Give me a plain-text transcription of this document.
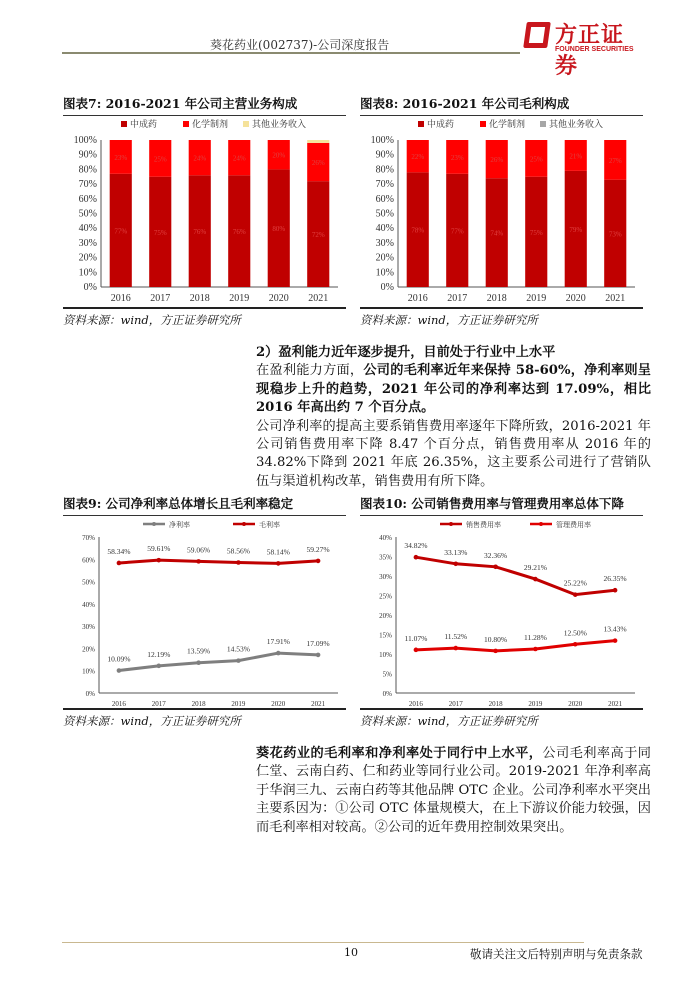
葵花药业(002737)-公司深度报告	方正证券
FOUNDER SECURITIES
图表7: 2016-2021 年公司主营业务构成
0%
10%
20%
30%
40%
50%
60%
70%
80%
90%
100%
2016 2017 2018 2019 2020 2021
中成药	化学制剂	其他业务收入
77%
23%
75%
25%
76%
24%
76%
24%
80%
20%
72%
26%
资料来源：wind，方正证券研究所
图表8: 2016-2021 年公司毛利构成
0%
10%
20%
30%
40%
50%
60%
70%
80%
90%
100%
2016 2017 2018 2019 2020 2021
中成药	化学制剂	其他业务收入
78%
22%
77%
23%
74%
26%
75%
25%
79%
21%
73%
27%
资料来源：wind，方正证券研究所
2）盈利能力近年逐步提升，目前处于行业中上水平
在盈利能力方面，公司的毛利率近年来保持 58-60%，净利率则呈现稳步上升的趋势，2021 年公司的净利率达到 17.09%，相比 2016 年高出约 7 个百分点。
公司净利率的提高主要系销售费用率逐年下降所致，2016-2021 年公司销售费用率下降 8.47 个百分点，销售费用率从 2016 年的 34.82%下降到 2021 年底 26.35%，这主要系公司进行了营销队伍与渠道机构改革，销售费用有所下降。
图表9: 公司净利率总体增长且毛利率稳定
0%
10%
20%
30%
40%
50%
60%
70%
2016	2017	2018	2019	2020	2021
净利率	毛利率
10.09%
12.19% 13.59% 14.53%
17.91% 17.09%
58.34% 59.61% 59.06% 58.56% 58.14% 59.27%
资料来源：wind，方正证券研究所
图表10: 公司销售费用率与管理费用率总体下降
0%
5%
10%
15%
20%
25%
30%
35%
40%
2016	2017	2018	2019	2020	2021
销售费用率	管理费用率
34.82%
33.13% 32.36%
29.21%
25.22% 26.35%
11.07% 11.52% 10.80% 11.28%
12.50% 13.43%
资料来源：wind，方正证券研究所
葵花药业的毛利率和净利率处于同行中上水平，公司毛利率高于同仁堂、云南白药、仁和药业等同行业公司。2019-2021 年净利率高于华润三九、云南白药等其他品牌 OTC 企业。公司净利率水平突出主要系因为：①公司 OTC 体量规模大，在上下游议价能力较强，因而毛利率相对较高。②公司的近年费用控制效果突出。
10	敬请关注文后特别声明与免责条款
